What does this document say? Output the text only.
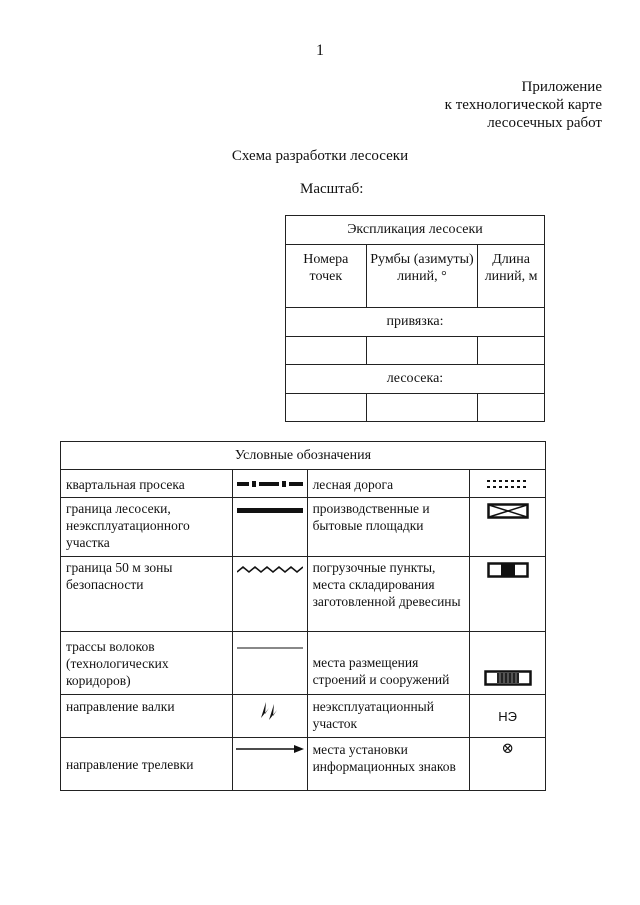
1
Приложение
к технологической карте
лесосечных работ
Схема разработки лесосеки
Масштаб:
Экспликация лесосеки		
Номера точек	Румбы (азимуты) линий, °	Длина линий, м
привязка:		

лесосека:		

Условные обозначения			
квартальная просека		лесная дорога	

граница лесосеки, неэксплуатационного участка		производственные и бытовые площадки	

граница 50 м зоны безопасности		погрузочные пункты, места складирования заготовленной древесины	

трассы волоков (технологических коридоров)		места размещения строений и сооружений	

направление валки		неэксплуатационный участок	НЭ
направление трелевки		места установки информационных знаков	⊗
